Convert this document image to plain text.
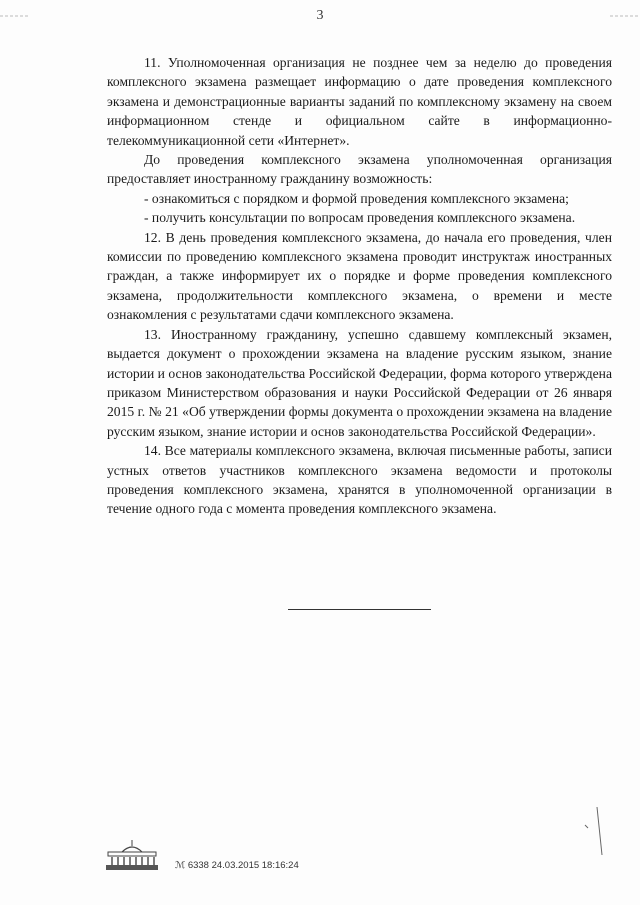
3

11. Уполномоченная организация не позднее чем за неделю до проведения комплексного экзамена размещает информацию о дате проведения комплексного экзамена и демонстрационные варианты заданий по комплексному экзамену на своем информационном стенде и официальном сайте в информационно-телекоммуникационной сети «Интернет».

До проведения комплексного экзамена уполномоченная организация предоставляет иностранному гражданину возможность:

- ознакомиться с порядком и формой проведения комплексного экзамена;

- получить консультации по вопросам проведения комплексного экзамена.

12. В день проведения комплексного экзамена, до начала его проведения, член комиссии по проведению комплексного экзамена проводит инструктаж иностранных граждан, а также информирует их о порядке и форме проведения комплексного экзамена, продолжительности комплексного экзамена, о времени и месте ознакомления с результатами сдачи комплексного экзамена.

13. Иностранному гражданину, успешно сдавшему комплексный экзамен, выдается документ о прохождении экзамена на владение русским языком, знание истории и основ законодательства Российской Федерации, форма которого утверждена приказом Министерством образования и науки Российской Федерации от 26 января 2015 г. № 21 «Об утверждении формы документа о прохождении экзамена на владение русским языком, знание истории и основ законодательства Российской Федерации».

14. Все материалы комплексного экзамена, включая письменные работы, записи устных ответов участников комплексного экзамена ведомости и протоколы проведения комплексного экзамена, хранятся в уполномоченной организации в течение одного года с момента проведения комплексного экзамена.

ℳ 6338 24.03.2015 18:16:24
